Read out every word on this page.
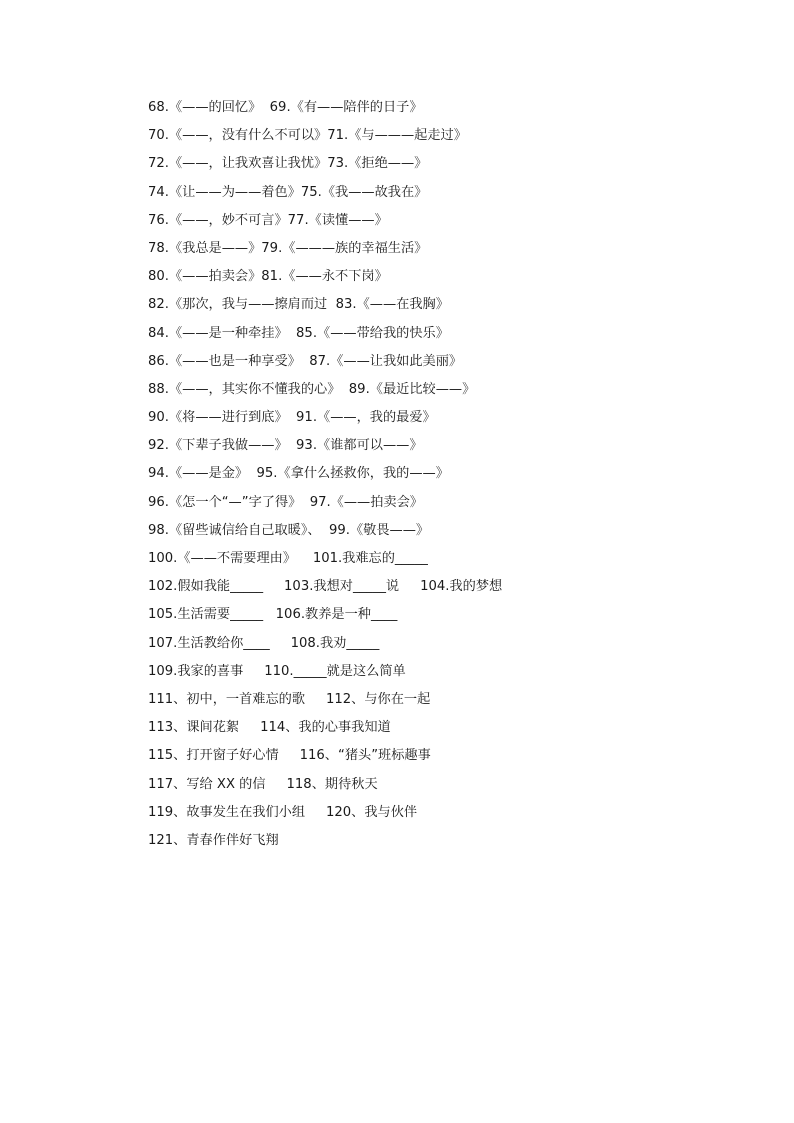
68.《——的回忆》  69.《有——陪伴的日子》
70.《——，没有什么不可以》71.《与———起走过》
72.《——，让我欢喜让我忧》73.《拒绝——》
74.《让——为——着色》75.《我——故我在》
76.《——，妙不可言》77.《读懂——》
78.《我总是——》79.《———族的幸福生活》
80.《——拍卖会》81.《——永不下岗》
82.《那次，我与——擦肩而过  83.《——在我胸》
84.《——是一种牵挂》  85.《——带给我的快乐》
86.《——也是一种享受》  87.《——让我如此美丽》
88.《——，其实你不懂我的心》  89.《最近比较——》
90.《将——进行到底》  91.《——，我的最爱》
92.《下辈子我做——》  93.《谁都可以——》
94.《——是金》  95.《拿什么拯救你，我的——》
96.《怎一个“—”字了得》  97.《——拍卖会》
98.《留些诚信给自己取暖》、  99.《敬畏——》
100.《——不需要理由》    101.我难忘的_____
102.假如我能_____     103.我想对_____说     104.我的梦想
105.生活需要_____   106.教养是一种____
107.生活教给你____     108.我劝_____
109.我家的喜事     110._____就是这么简单
111、初中，一首难忘的歌     112、与你在一起
113、课间花絮     114、我的心事我知道
115、打开窗子好心情     116、“猪头”班标趣事
117、写给 XX 的信     118、期待秋天
119、故事发生在我们小组     120、我与伙伴
121、青春作伴好飞翔
